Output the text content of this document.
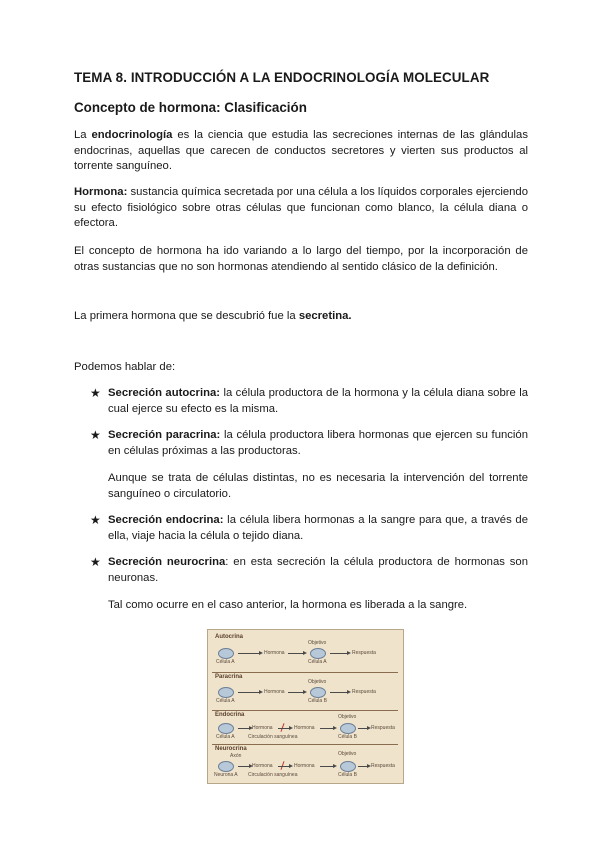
TEMA 8. INTRODUCCIÓN A LA ENDOCRINOLOGÍA MOLECULAR
Concepto de hormona: Clasificación
La endocrinología es la ciencia que estudia las secreciones internas de las glándulas endocrinas, aquellas que carecen de conductos secretores y vierten sus productos al torrente sanguíneo.
Hormona: sustancia química secretada por una célula a los líquidos corporales ejerciendo su efecto fisiológico sobre otras células que funcionan como blanco, la célula diana o efectora.
El concepto de hormona ha ido variando a lo largo del tiempo, por la incorporación de otras sustancias que no son hormonas atendiendo al sentido clásico de la definición.
La primera hormona que se descubrió fue la secretina.
Podemos hablar de:
★ Secreción autocrina: la célula productora de la hormona y la célula diana sobre la cual ejerce su efecto es la misma.
★ Secreción paracrina: la célula productora libera hormonas que ejercen su función en células próximas a las productoras.
Aunque se trata de células distintas, no es necesaria la intervención del torrente sanguíneo o circulatorio.
★ Secreción endocrina: la célula libera hormonas a la sangre para que, a través de ella, viaje hacia la célula o tejido diana.
★ Secreción neurocrina: en esta secreción la célula productora de hormonas son neuronas.
Tal como ocurre en el caso anterior, la hormona es liberada a la sangre.
Autocrina
Célula A
Hormona
Objetivo
Célula A
Respuesta
Paracrina
Célula A
Hormona
Objetivo
Célula B
Respuesta
Endocrina
Célula A
Hormona	Hormona
Circulación sanguínea
Objetivo
Célula B
Respuesta
Neurocrina
Axón
Neurona A
Hormona	Hormona
Circulación sanguínea
Objetivo
Célula B
Respuesta
